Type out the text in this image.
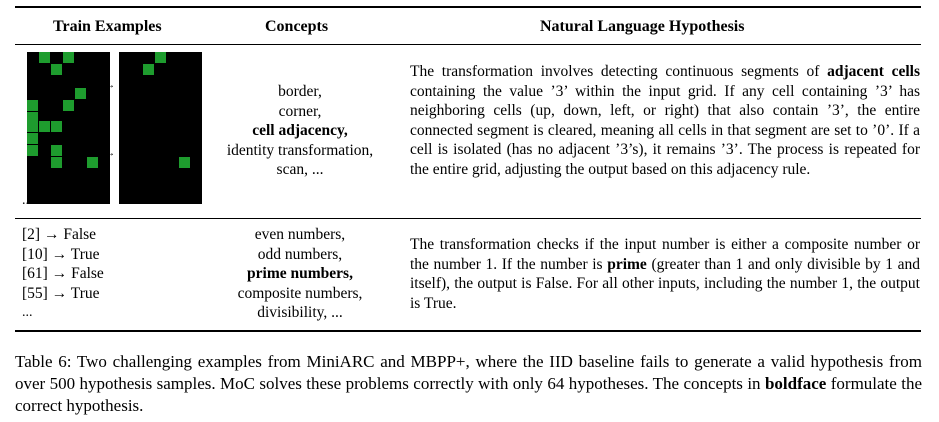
Train Examples	Concepts	Natural Language Hypothesis
→
→
...
border,
corner,
cell adjacency,
identity transformation,
scan, ...
The transformation involves detecting continuous segments of adjacent cells containing the value ’3’ within the input grid. If any cell containing ’3’ has neighboring cells (up, down, left, or right) that also contain ’3’, the entire connected segment is cleared, meaning all cells in that segment are set to ’0’. If a cell is isolated (has no adjacent ’3’s), it remains ’3’. The process is repeated for the entire grid, adjusting the output based on this adjacency rule.
[2] → False
[10] → True
[61] → False
[55] → True
...
even numbers,
odd numbers,
prime numbers,
composite numbers,
divisibility, ...
The transformation checks if the input number is either a composite number or the number 1. If the number is prime (greater than 1 and only divisible by 1 and itself), the output is False. For all other inputs, including the number 1, the output is True.
Table 6: Two challenging examples from MiniARC and MBPP+, where the IID baseline fails to generate a valid hypothesis from over 500 hypothesis samples. MoC solves these problems correctly with only 64 hypotheses. The concepts in boldface formulate the correct hypothesis.
